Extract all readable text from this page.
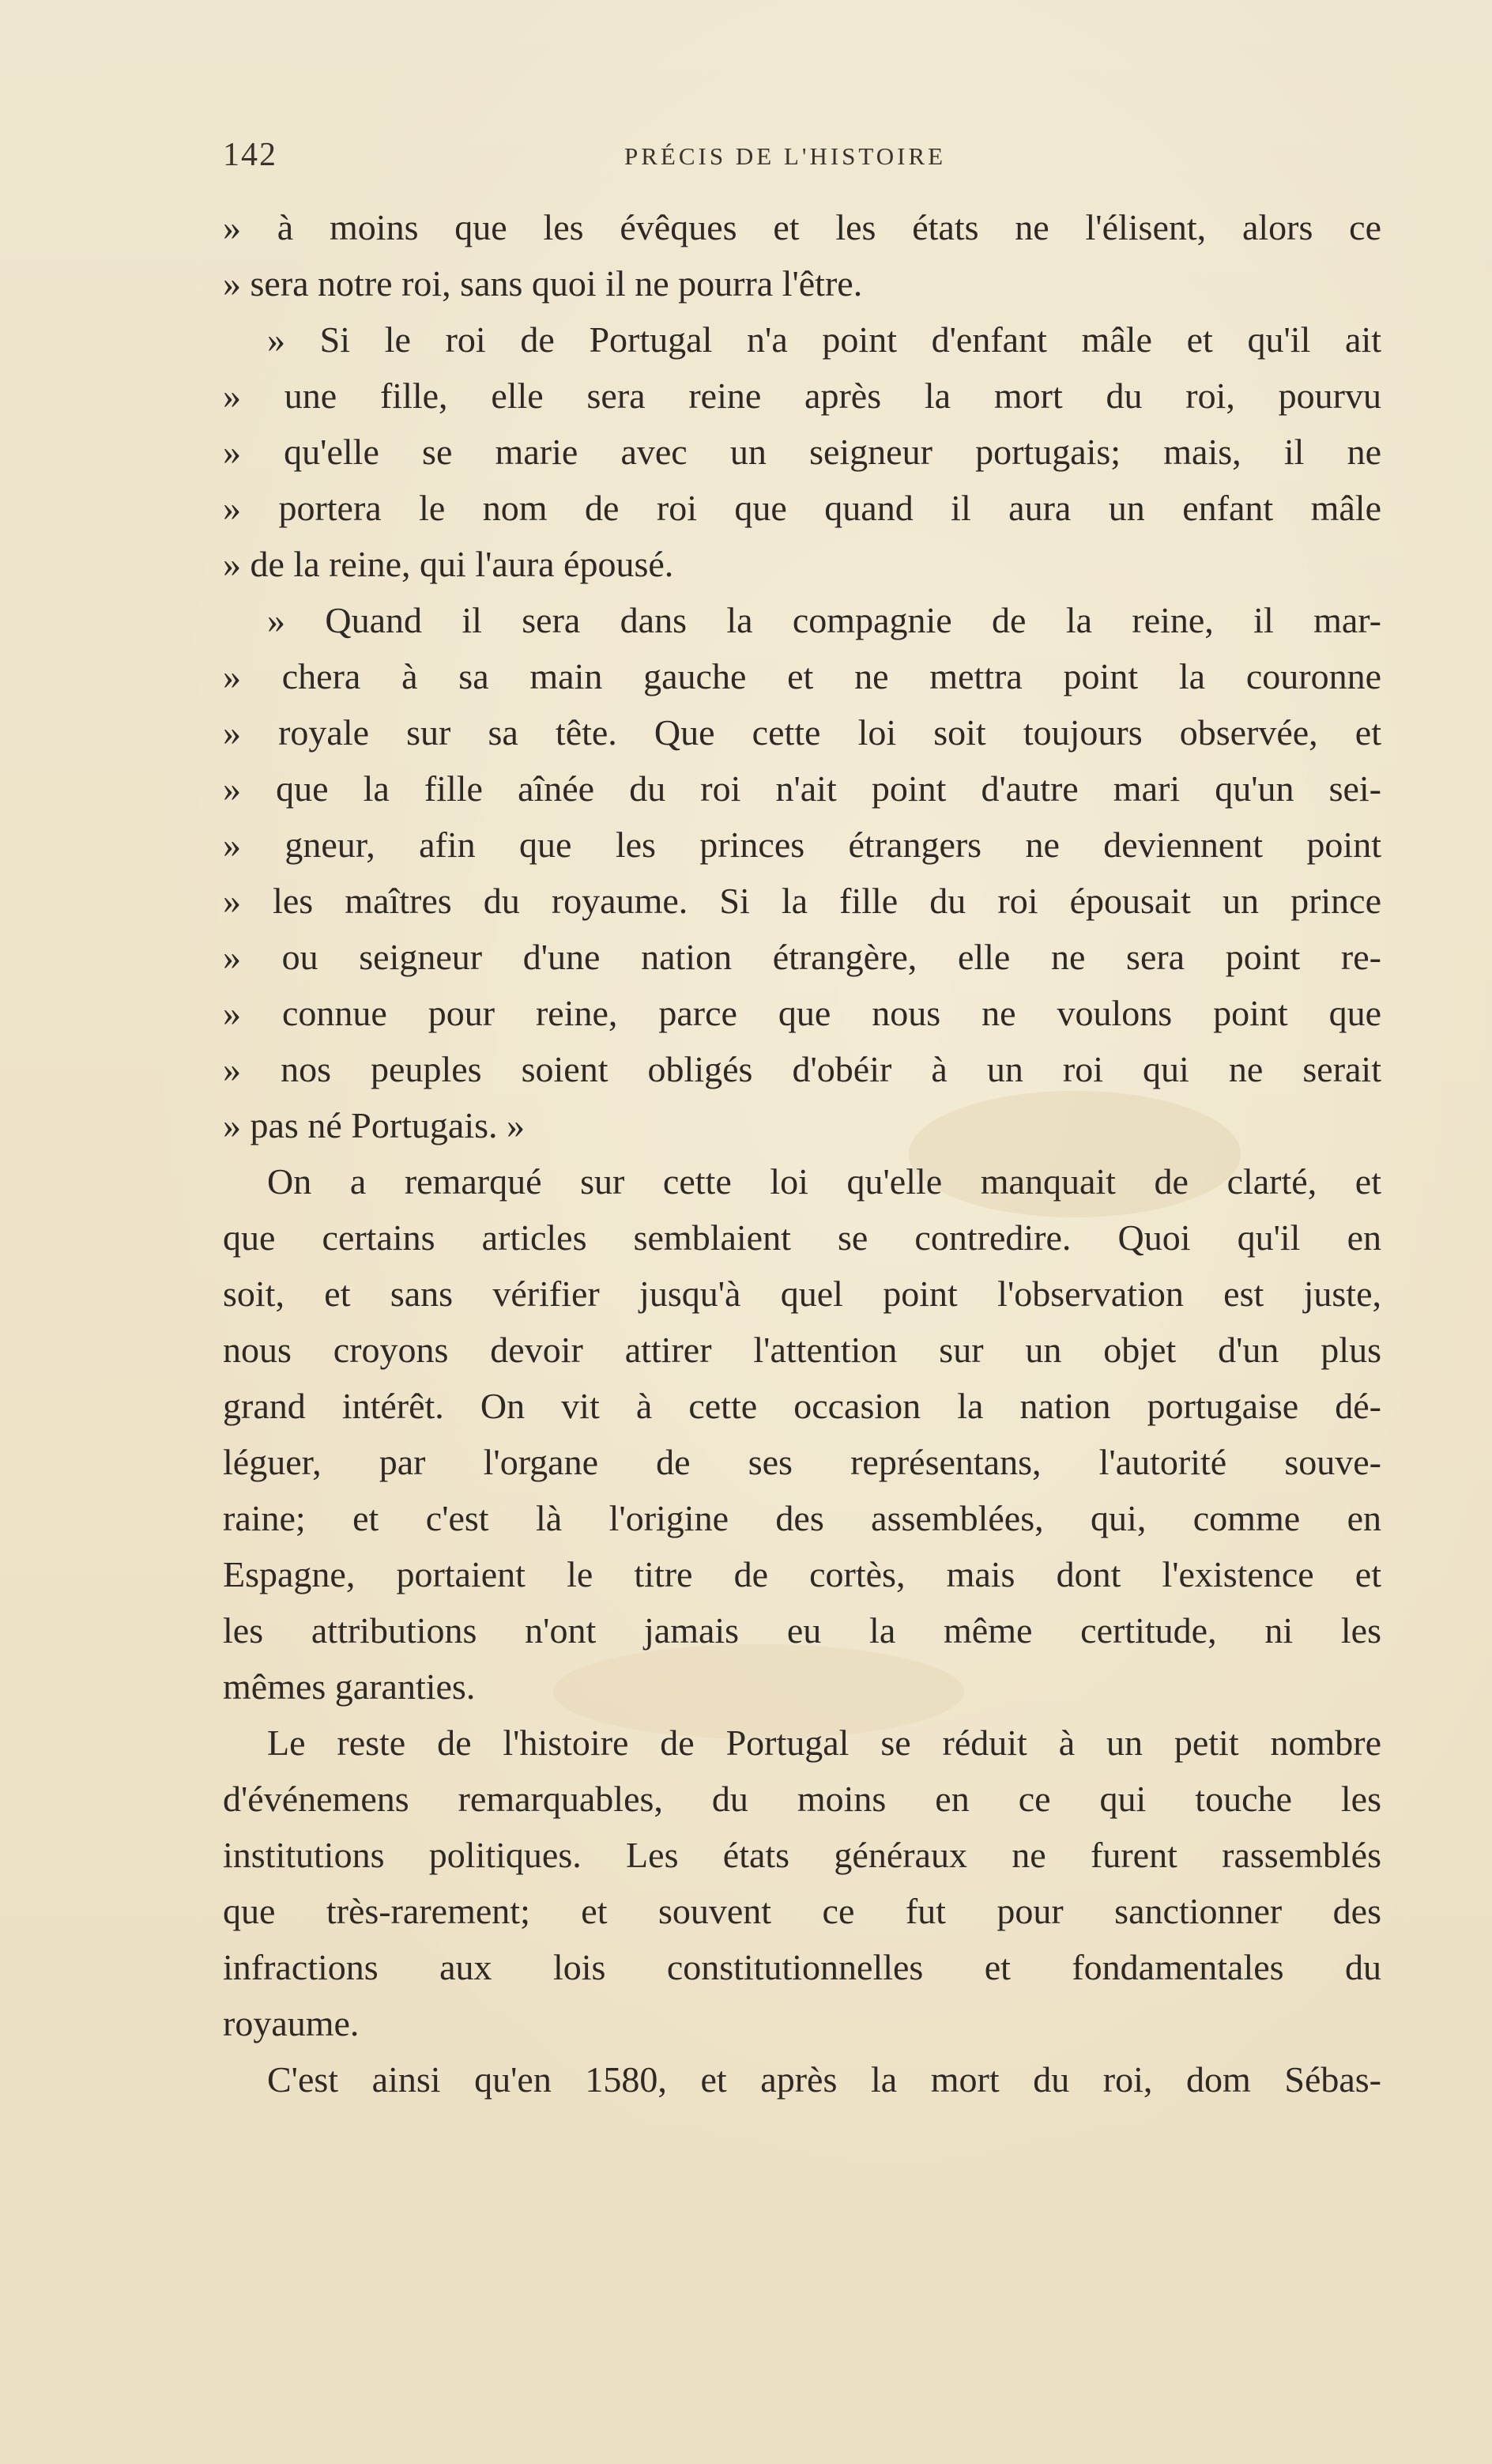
142	PRÉCIS DE L'HISTOIRE
» à moins que les évêques et les états ne l'élisent, alors ce
» sera notre roi, sans quoi il ne pourra l'être.
» Si le roi de Portugal n'a point d'enfant mâle et qu'il ait
» une fille, elle sera reine après la mort du roi, pourvu
» qu'elle se marie avec un seigneur portugais; mais, il ne
» portera le nom de roi que quand il aura un enfant mâle
» de la reine, qui l'aura épousé.
» Quand il sera dans la compagnie de la reine, il mar-
» chera à sa main gauche et ne mettra point la couronne
» royale sur sa tête. Que cette loi soit toujours observée, et
» que la fille aînée du roi n'ait point d'autre mari qu'un sei-
» gneur, afin que les princes étrangers ne deviennent point
» les maîtres du royaume. Si la fille du roi épousait un prince
» ou seigneur d'une nation étrangère, elle ne sera point re-
» connue pour reine, parce que nous ne voulons point que
» nos peuples soient obligés d'obéir à un roi qui ne serait
» pas né Portugais. »
On a remarqué sur cette loi qu'elle manquait de clarté, et
que certains articles semblaient se contredire. Quoi qu'il en
soit, et sans vérifier jusqu'à quel point l'observation est juste,
nous croyons devoir attirer l'attention sur un objet d'un plus
grand intérêt. On vit à cette occasion la nation portugaise dé-
léguer, par l'organe de ses représentans, l'autorité souve-
raine; et c'est là l'origine des assemblées, qui, comme en
Espagne, portaient le titre de cortès, mais dont l'existence et
les attributions n'ont jamais eu la même certitude, ni les
mêmes garanties.
Le reste de l'histoire de Portugal se réduit à un petit nombre
d'événemens remarquables, du moins en ce qui touche les
institutions politiques. Les états généraux ne furent rassemblés
que très-rarement; et souvent ce fut pour sanctionner des
infractions aux lois constitutionnelles et fondamentales du
royaume.
C'est ainsi qu'en 1580, et après la mort du roi, dom Sébas-
